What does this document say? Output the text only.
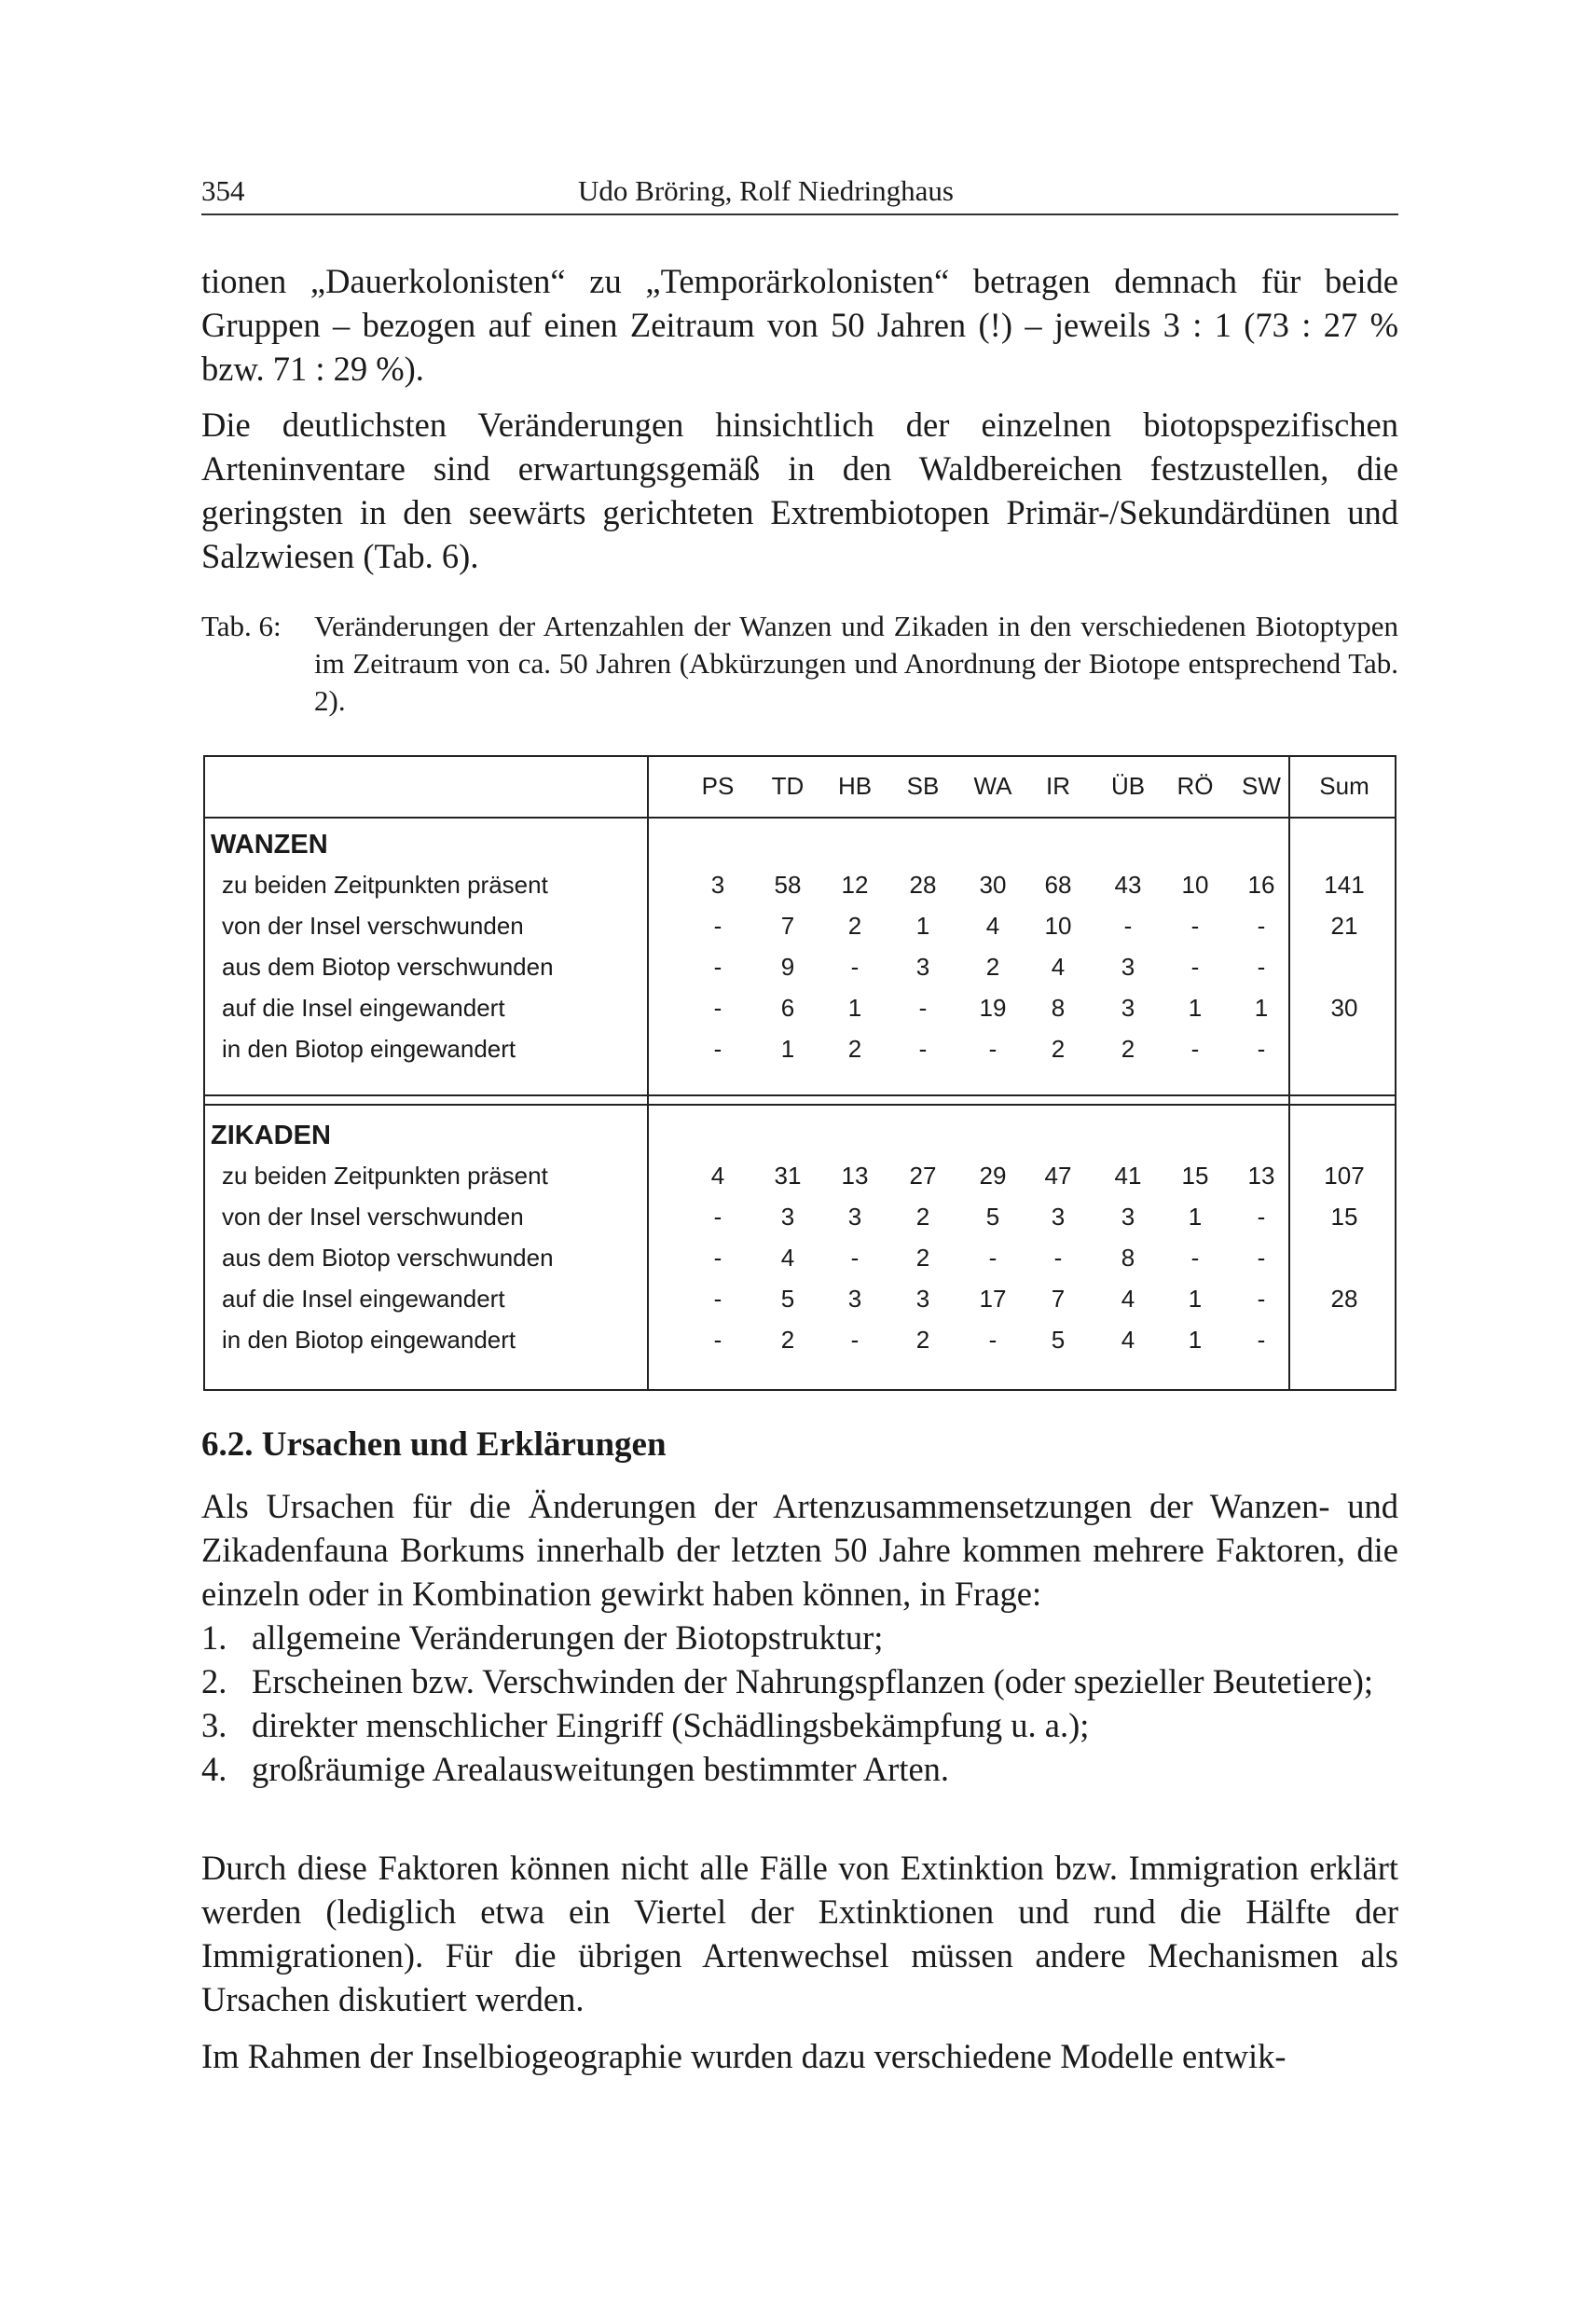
354	Udo Bröring, Rolf Niedringhaus

tionen „Dauerkolonisten“ zu „Temporärkolonisten“ betragen demnach für beide Gruppen – bezogen auf einen Zeitraum von 50 Jahren (!) – jeweils 3 : 1 (73 : 27 % bzw. 71 : 29 %).

Die deutlichsten Veränderungen hinsichtlich der einzelnen biotopspezifischen Arteninventare sind erwartungsgemäß in den Waldbereichen festzustellen, die geringsten in den seewärts gerichteten Extrembiotopen Primär-/Sekundärdünen und Salzwiesen (Tab. 6).

Tab. 6: Veränderungen der Artenzahlen der Wanzen und Zikaden in den verschiedenen Biotoptypen im Zeitraum von ca. 50 Jahren (Abkürzungen und Anordnung der Biotope entsprechend Tab. 2).
PS	TD	HB	SB	WA	IR	ÜB	RÖ	SW	Sum
WANZEN
zu beiden Zeitpunkten präsent	3	58	12	28	30	68	43	10	16	141
von der Insel verschwunden	-	7	2	1	4	10	-	-	-	21
aus dem Biotop verschwunden	-	9	-	3	2	4	3	-	-
auf die Insel eingewandert	-	6	1	-	19	8	3	1	1	30
in den Biotop eingewandert	-	1	2	-	-	2	2	-	-
ZIKADEN
zu beiden Zeitpunkten präsent	4	31	13	27	29	47	41	15	13	107
von der Insel verschwunden	-	3	3	2	5	3	3	1	-	15
aus dem Biotop verschwunden	-	4	-	2	-	-	8	-	-
auf die Insel eingewandert	-	5	3	3	17	7	4	1	-	28
in den Biotop eingewandert	-	2	-	2	-	5	4	1	-
6.2. Ursachen und Erklärungen

Als Ursachen für die Änderungen der Artenzusammensetzungen der Wanzen- und Zikadenfauna Borkums innerhalb der letzten 50 Jahre kommen mehrere Faktoren, die einzeln oder in Kombination gewirkt haben können, in Frage:

1. allgemeine Veränderungen der Biotopstruktur;
2. Erscheinen bzw. Verschwinden der Nahrungspflanzen (oder spezieller Beutetiere);
3. direkter menschlicher Eingriff (Schädlingsbekämpfung u. a.);
4. großräumige Arealausweitungen bestimmter Arten.

Durch diese Faktoren können nicht alle Fälle von Extinktion bzw. Immigration erklärt werden (lediglich etwa ein Viertel der Extinktionen und rund die Hälfte der Immigrationen). Für die übrigen Artenwechsel müssen andere Mechanismen als Ursachen diskutiert werden.

Im Rahmen der Inselbiogeographie wurden dazu verschiedene Modelle entwik-
